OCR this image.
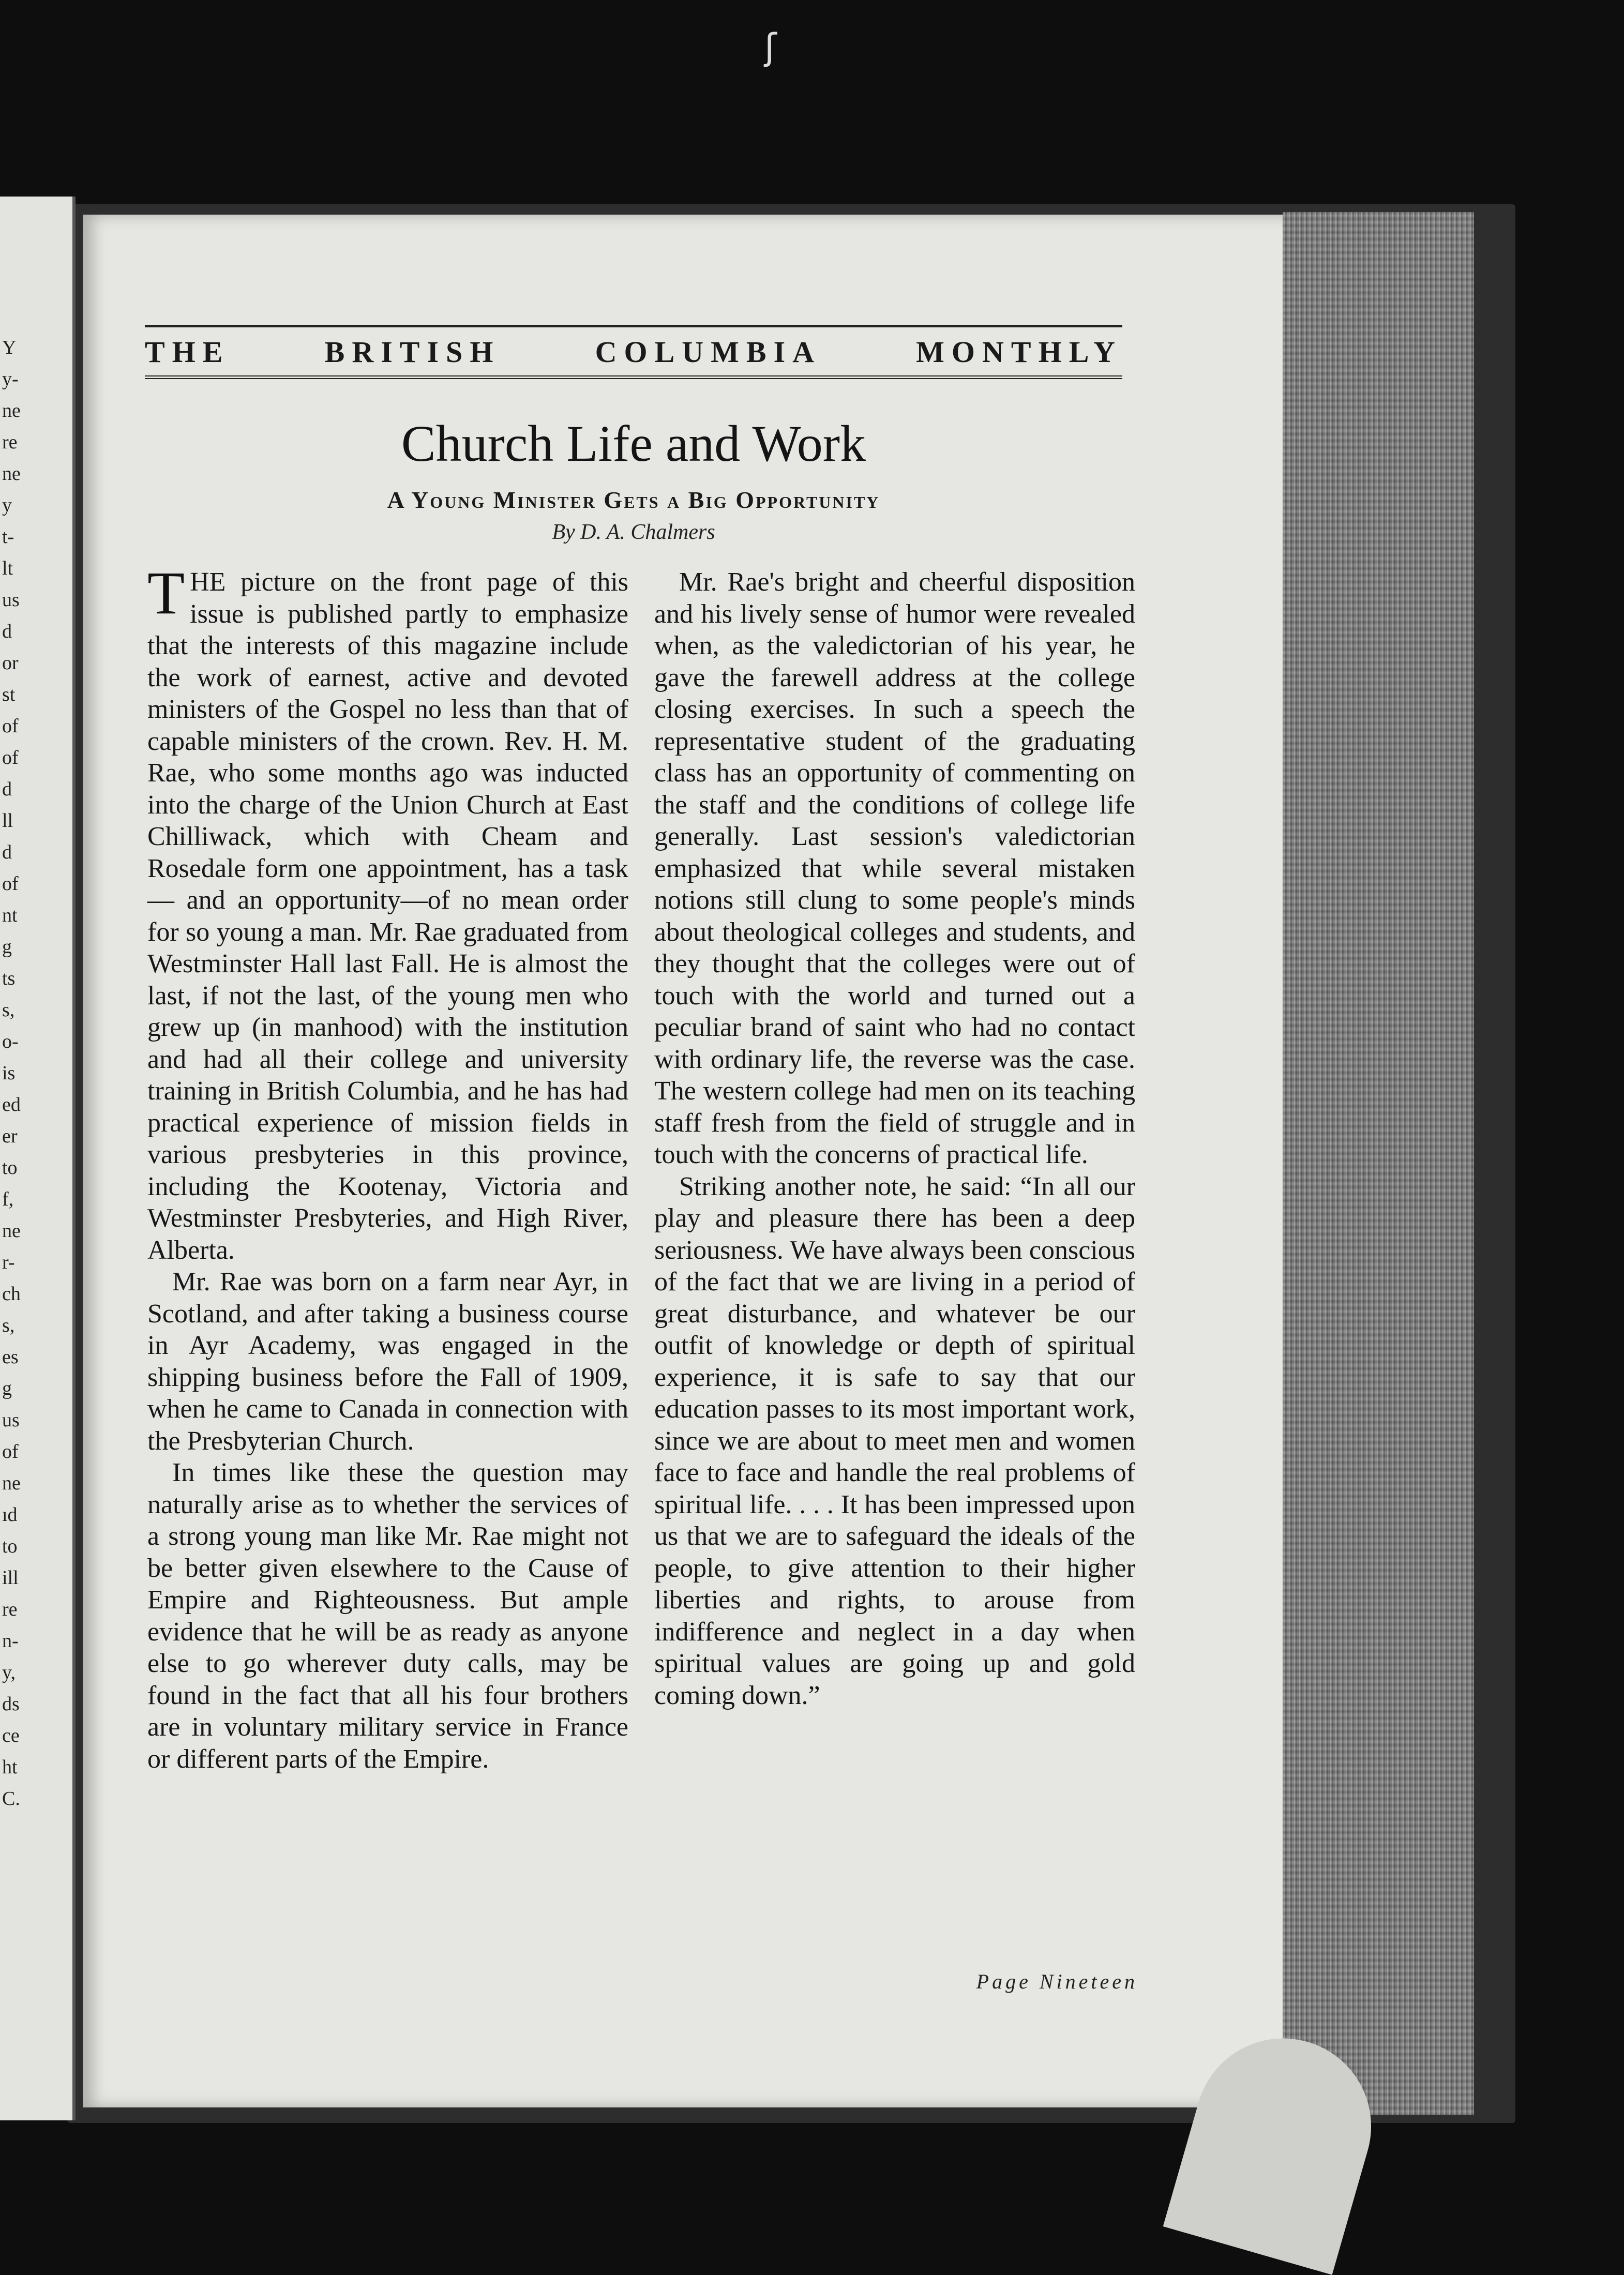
Y
y-
ne
re
ne
y
t-
lt
us
d
or
st
of
of
d
ll
d
of
nt
g
ts
s,
o-
is
ed
er
to
f,
ne
r-
ch
s,
es
g
us
of
ne
ıd
to
ill
re
n-
y,
ds
ce
ht
C.
ʃ
THE	BRITISH	COLUMBIA	MONTHLY
Church Life and Work
A Young Minister Gets a Big Opportunity
By D. A. Chalmers

THE picture on the front page of this issue is published partly to emphasize that the interests of this magazine include the work of earnest, active and devoted ministers of the Gospel no less than that of capable ministers of the crown. Rev. H. M. Rae, who some months ago was inducted into the charge of the Union Church at East Chilliwack, which with Cheam and Rosedale form one appointment, has a task — and an opportunity—of no mean order for so young a man. Mr. Rae graduated from Westminster Hall last Fall. He is almost the last, if not the last, of the young men who grew up (in manhood) with the institution and had all their college and university training in British Columbia, and he has had practical experience of mission fields in various presbyteries in this province, including the Kootenay, Victoria and Westminster Presbyteries, and High River, Alberta.

Mr. Rae was born on a farm near Ayr, in Scotland, and after taking a business course in Ayr Academy, was engaged in the shipping business before the Fall of 1909, when he came to Canada in connection with the Presbyterian Church.

In times like these the question may naturally arise as to whether the services of a strong young man like Mr. Rae might not be better given elsewhere to the Cause of Empire and Righteousness. But ample evidence that he will be as ready as anyone else to go wherever duty calls, may be found in the fact that all his four brothers are in voluntary military service in France or different parts of the Empire.

Mr. Rae's bright and cheerful disposition and his lively sense of humor were revealed when, as the valedictorian of his year, he gave the farewell address at the college closing exercises. In such a speech the representative student of the graduating class has an opportunity of commenting on the staff and the conditions of college life generally. Last session's valedictorian emphasized that while several mistaken notions still clung to some people's minds about theological colleges and students, and they thought that the colleges were out of touch with the world and turned out a peculiar brand of saint who had no contact with ordinary life, the reverse was the case. The western college had men on its teaching staff fresh from the field of struggle and in touch with the concerns of practical life.

Striking another note, he said: “In all our play and pleasure there has been a deep seriousness. We have always been conscious of the fact that we are living in a period of great disturbance, and whatever be our outfit of knowledge or depth of spiritual experience, it is safe to say that our education passes to its most important work, since we are about to meet men and women face to face and handle the real problems of spiritual life. . . . It has been impressed upon us that we are to safeguard the ideals of the people, to give attention to their higher liberties and rights, to arouse from indifference and neglect in a day when spiritual values are going up and gold coming down.”

Page Nineteen
